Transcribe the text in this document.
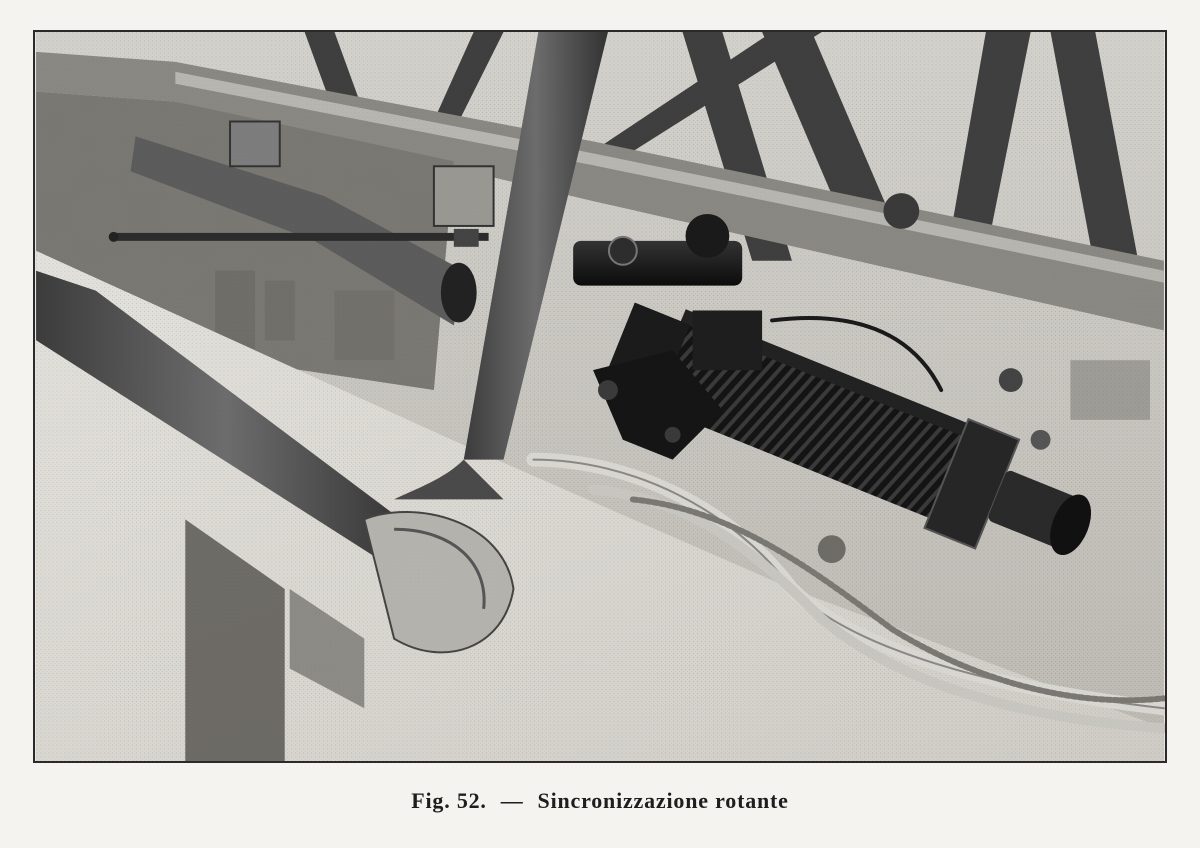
Fig. 52. — Sincronizzazione rotante
